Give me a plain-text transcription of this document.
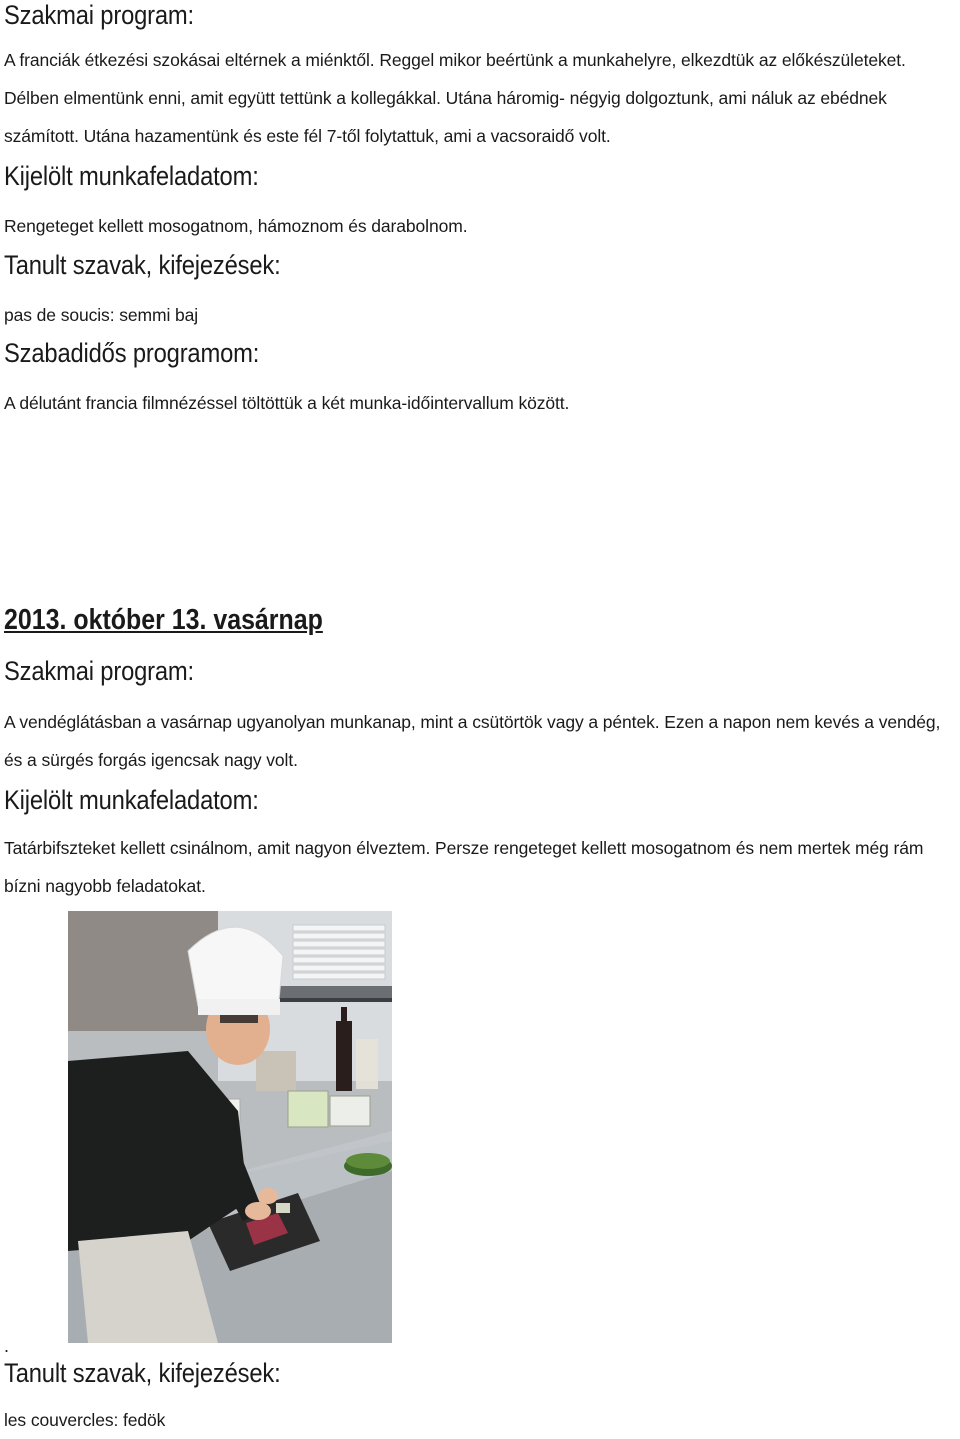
Szakmai program:

A franciák étkezési szokásai eltérnek a miénktől. Reggel mikor beértünk a munkahelyre, elkezdtük az előkészületeket.

Délben elmentünk enni, amit együtt tettünk a kollegákkal. Utána háromig- négyig dolgoztunk, ami náluk az ebédnek

számított. Utána hazamentünk és este fél 7-től folytattuk, ami a vacsoraidő volt.

Kijelölt munkafeladatom:

Rengeteget kellett mosogatnom, hámoznom és darabolnom.

Tanult szavak, kifejezések:

pas de soucis: semmi baj

Szabadidős programom:

A délutánt francia filmnézéssel töltöttük a két munka-időintervallum között.

2013. október 13. vasárnap
Szakmai program:

A vendéglátásban a vasárnap ugyanolyan munkanap, mint a csütörtök vagy a péntek. Ezen a napon nem kevés a vendég,

és a sürgés forgás igencsak nagy volt.

Kijelölt munkafeladatom:

Tatárbifszteket kellett csinálnom, amit nagyon élveztem. Persze rengeteget kellett mosogatnom és nem mertek még rám

bízni nagyobb feladatokat.

.

Tanult szavak, kifejezések:

les couvercles: fedök
